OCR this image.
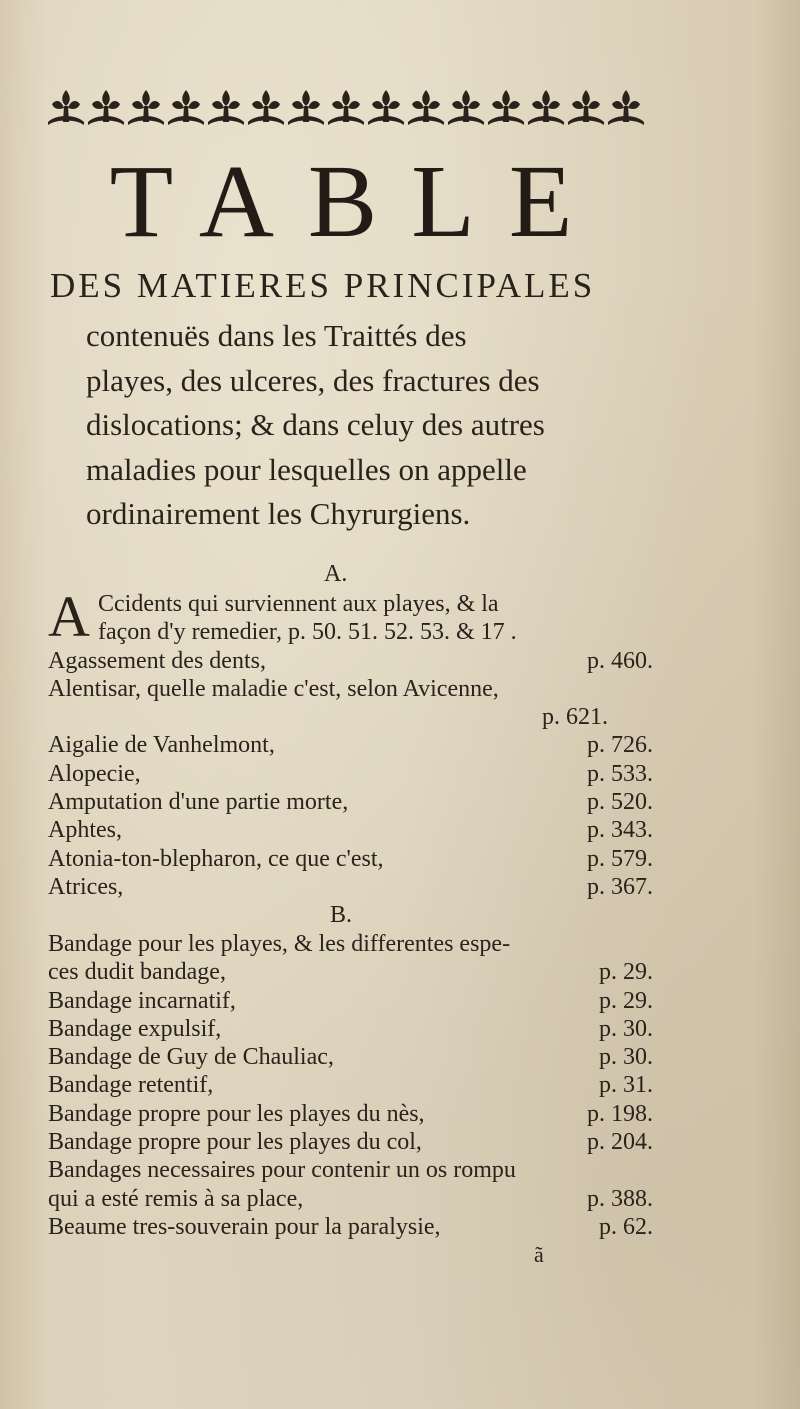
TABLE
DES MATIERES PRINCIPALES
contenuës dans les Traittés des
playes, des ulceres, des fractures des
dislocations; & dans celuy des autres
maladies pour lesquelles on appelle
ordinairement les Chyrurgiens.
A.
A Ccidents qui surviennent aux playes, & la
façon d'y remedier, p. 50. 51. 52. 53. & 17 .
Agassement des dents,	p. 460.
Alentisar, quelle maladie c'est, selon Avicenne,
p. 621.
Aigalie de Vanhelmont,	p. 726.
Alopecie,	p. 533.
Amputation d'une partie morte,	p. 520.
Aphtes,	p. 343.
Atonia-ton-blepharon, ce que c'est,	p. 579.
Atrices,	p. 367.
B.
Bandage pour les playes, & les differentes espe-
ces dudit bandage,	p. 29.
Bandage incarnatif,	p. 29.
Bandage expulsif,	p. 30.
Bandage de Guy de Chauliac,	p. 30.
Bandage retentif,	p. 31.
Bandage propre pour les playes du nès,	p. 198.
Bandage propre pour les playes du col,	p. 204.
Bandages necessaires pour contenir un os rompu
qui a esté remis à sa place,	p. 388.
Beaume tres-souverain pour la paralysie,	p. 62.
ã
